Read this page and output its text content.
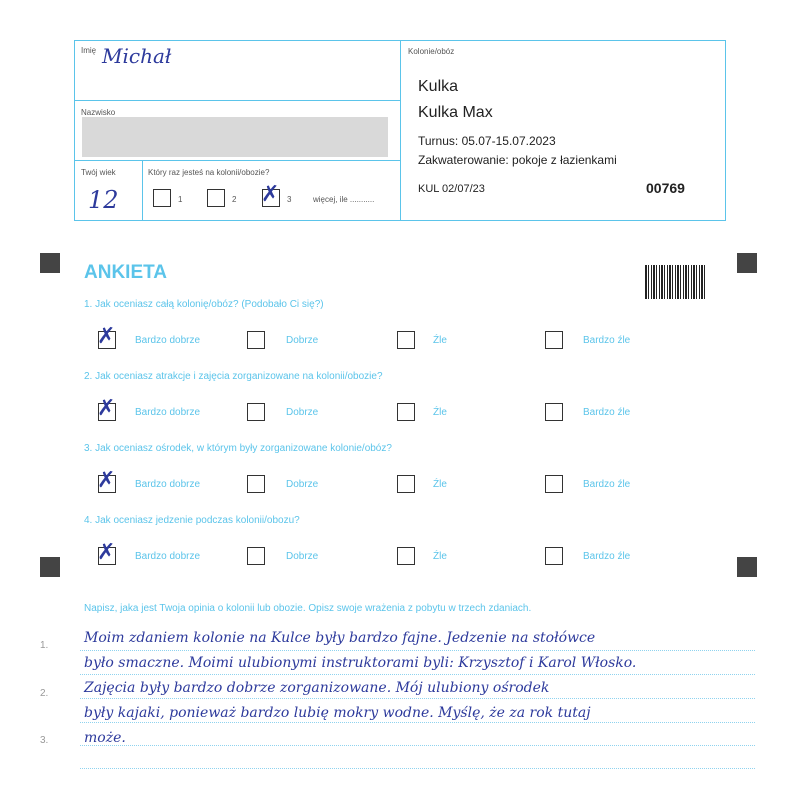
Imię Michał
Nazwisko
Twój wiek
12
Który raz jesteś na kolonii/obozie?
1	2 ✗ 3	więcej, ile ...........
Kolonie/obóz
Kulka
Kulka Max
Turnus: 05.07-15.07.2023
Zakwaterowanie: pokoje z łazienkami
KUL 02/07/23	00769
ANKIETA
1. Jak oceniasz całą kolonię/obóz? (Podobało Ci się?)
✗ Bardzo dobrze	Dobrze	Źle	Bardzo źle
2. Jak oceniasz atrakcje i zajęcia zorganizowane na kolonii/obozie?
✗ Bardzo dobrze	Dobrze	Źle	Bardzo źle
3. Jak oceniasz ośrodek, w którym były zorganizowane kolonie/obóz?
✗ Bardzo dobrze	Dobrze	Źle	Bardzo źle
4. Jak oceniasz jedzenie podczas kolonii/obozu?
✗ Bardzo dobrze	Dobrze	Źle	Bardzo źle
Napisz, jaka jest Twoja opinia o kolonii lub obozie. Opisz swoje wrażenia z pobytu w trzech zdaniach.
1.
2.
3.
Moim zdaniem kolonie na Kulce były bardzo fajne. Jedzenie na stołówce
było smaczne. Moimi ulubionymi instruktorami byli: Krzysztof i Karol Włosko.
Zajęcia były bardzo dobrze zorganizowane. Mój ulubiony ośrodek
były kajaki, ponieważ bardzo lubię mokry wodne. Myślę, że za rok tutaj
może.
